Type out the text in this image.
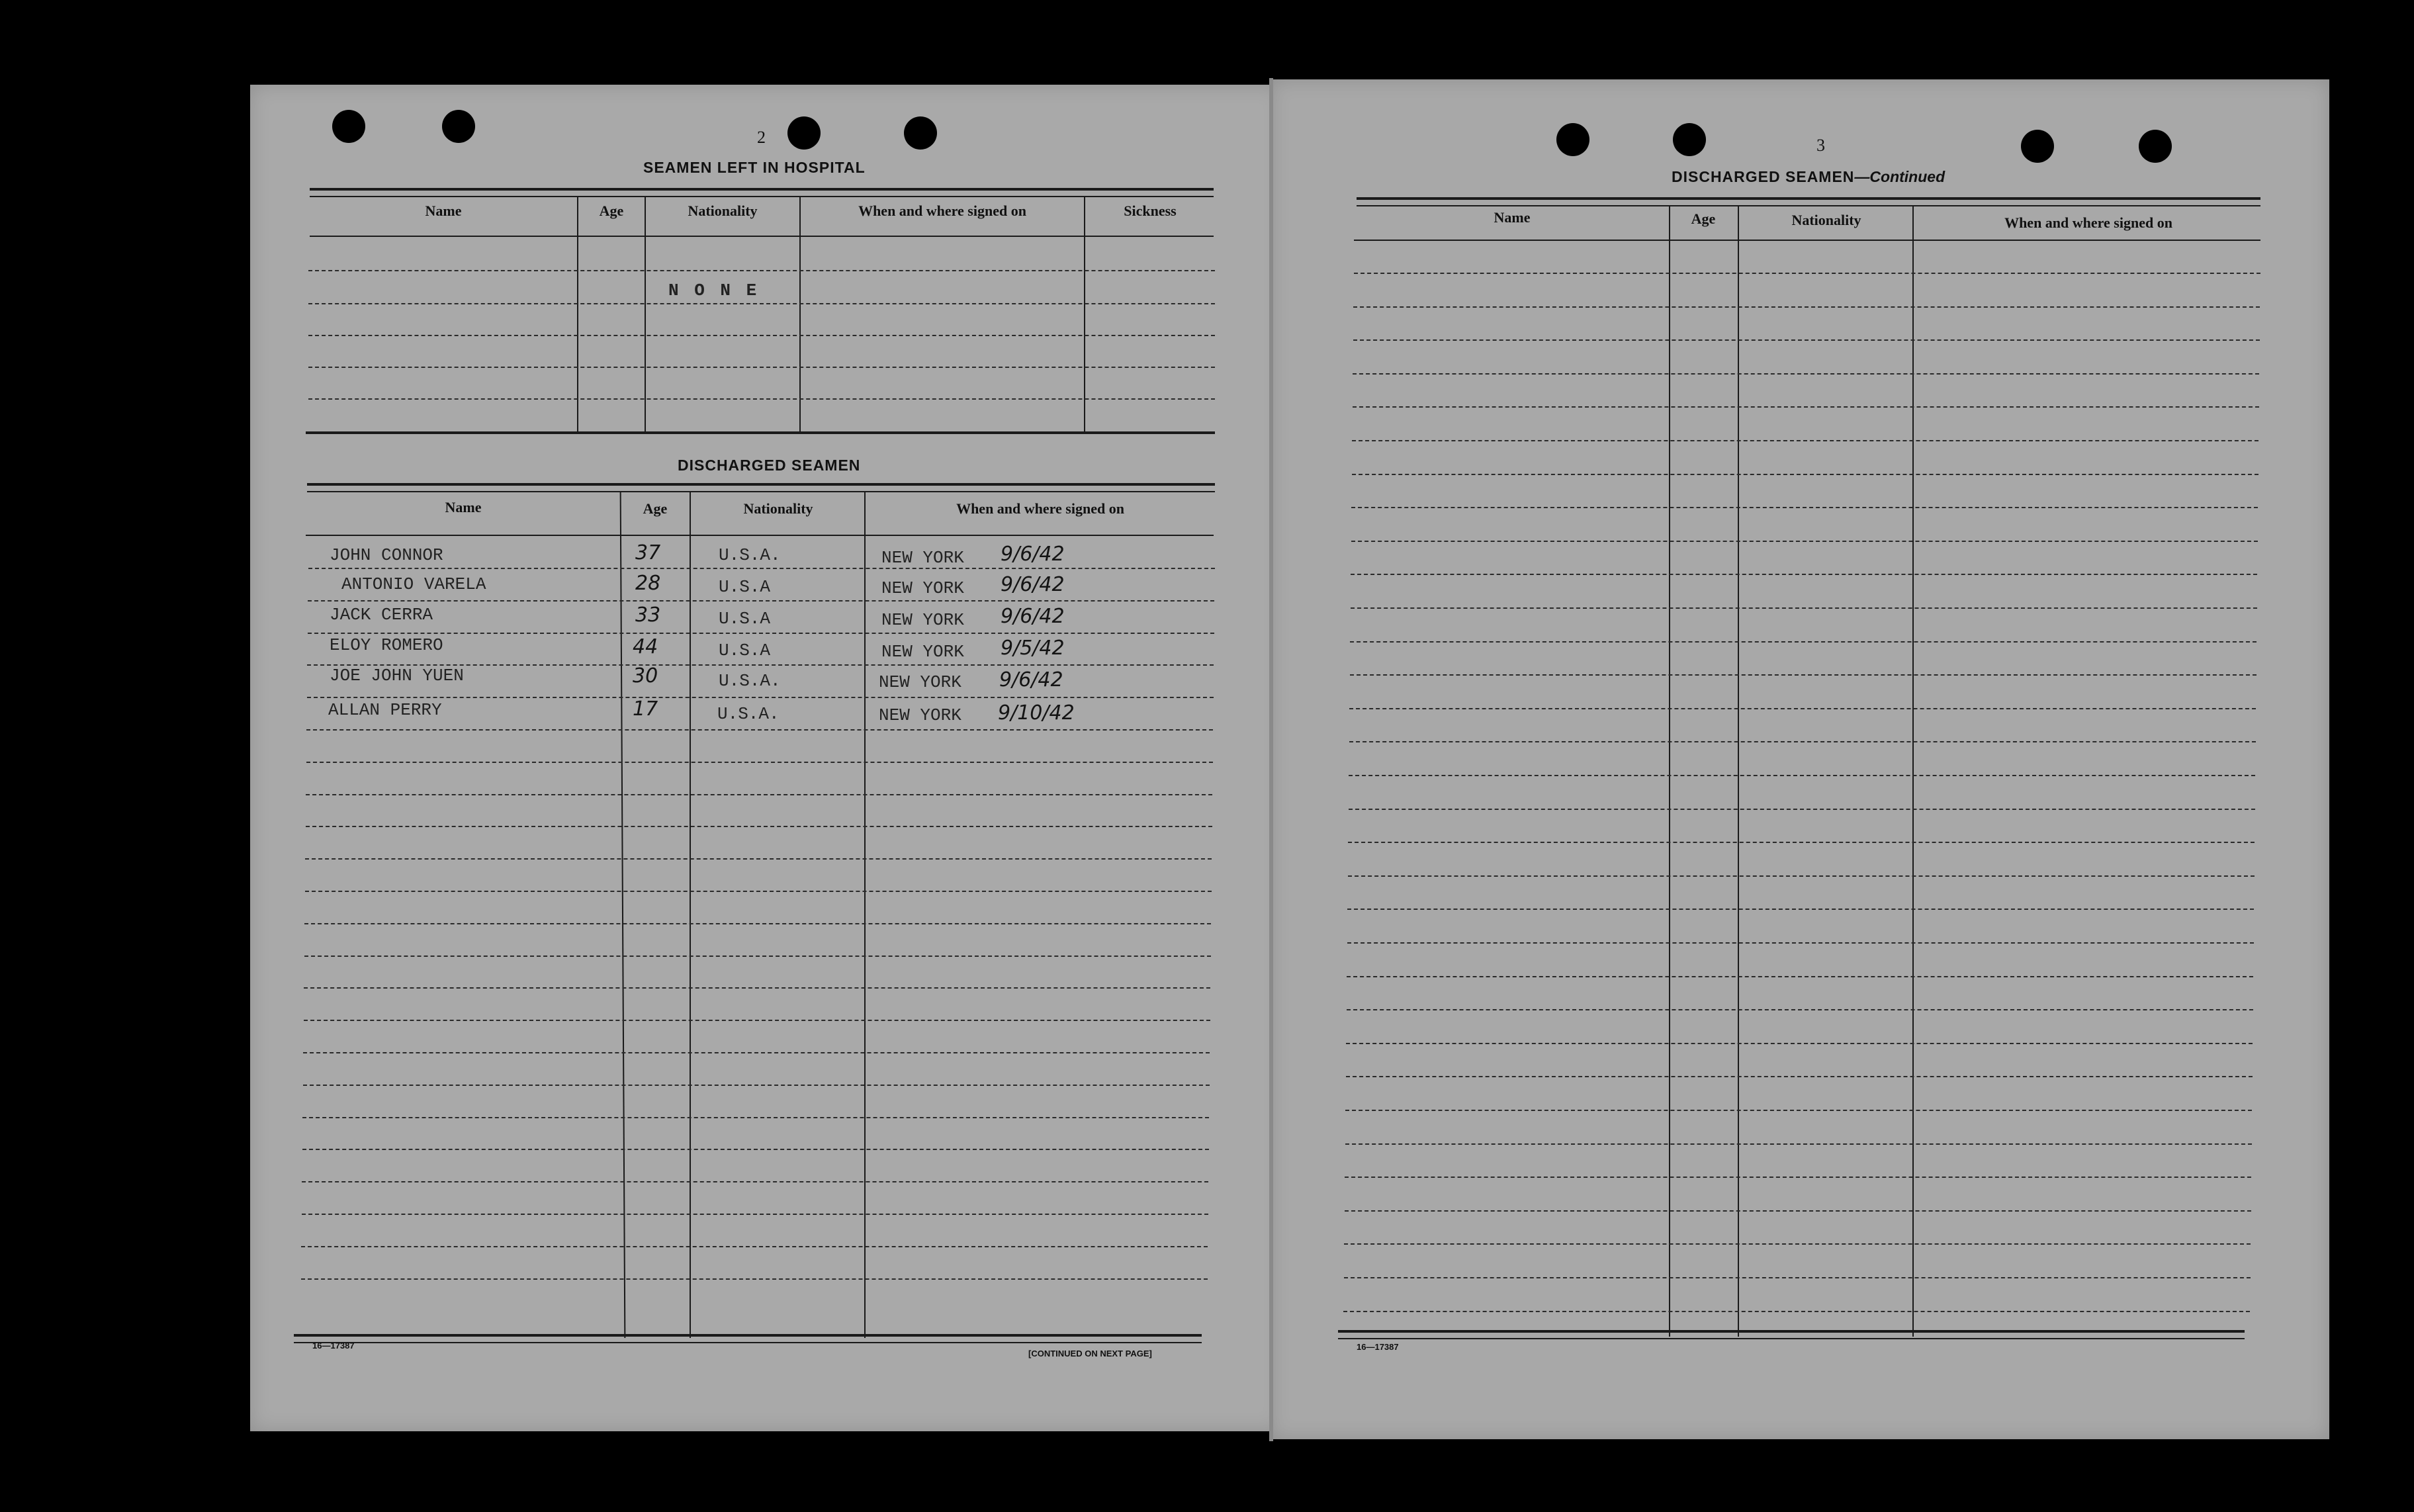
2
SEAMEN LEFT IN HOSPITAL
Name	Age	Nationality	When and where signed on	Sickness
N O N E
DISCHARGED SEAMEN
Name	Age	Nationality	When and where signed on
JOHN CONNOR	37	U.S.A.	NEW YORK 9/6/42
ANTONIO VARELA	28	U.S.A	NEW YORK 9/6/42
JACK CERRA	33	U.S.A	NEW YORK 9/6/42
ELOY ROMERO	44	U.S.A	NEW YORK 9/5/42
JOE JOHN YUEN	30	U.S.A.	NEW YORK 9/6/42
ALLAN PERRY	17	U.S.A.	NEW YORK 9/10/42
16—17387
[CONTINUED ON NEXT PAGE]
3
DISCHARGED SEAMEN—Continued
Name	Age	Nationality	When and where signed on
16—17387
